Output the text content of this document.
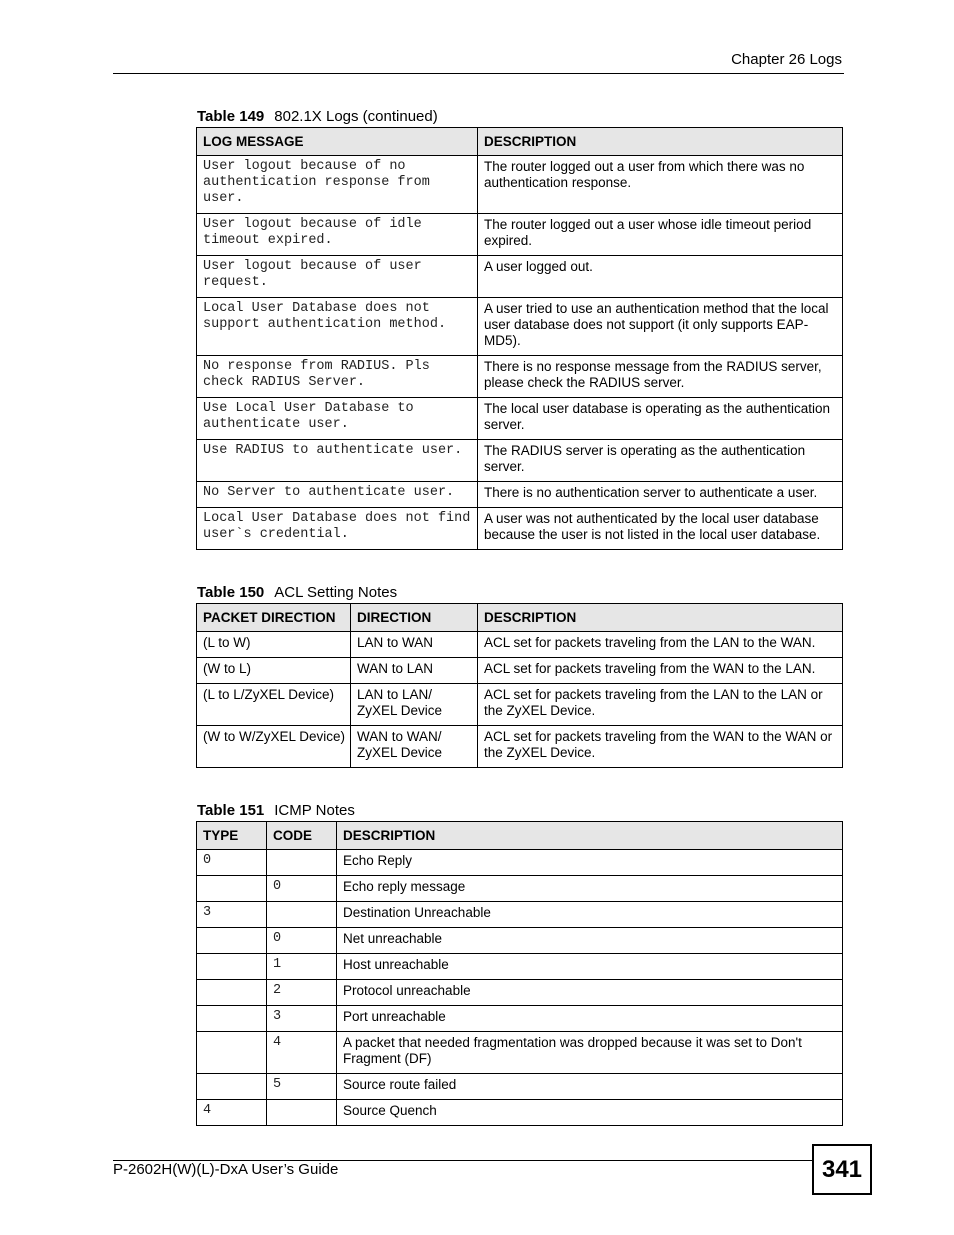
Chapter 26 Logs
Table 149 802.1X Logs (continued)
LOG MESSAGE	DESCRIPTION
User logout because of no authentication response from user.	The router logged out a user from which there was no authentication response.
User logout because of idle timeout expired.	The router logged out a user whose idle timeout period expired.
User logout because of user request.	A user logged out.
Local User Database does not support authentication method.	A user tried to use an authentication method that the local user database does not support (it only supports EAP-MD5).
No response from RADIUS. Pls check RADIUS Server.	There is no response message from the RADIUS server, please check the RADIUS server.
Use Local User Database to authenticate user.	The local user database is operating as the authentication server.
Use RADIUS to authenticate user.	The RADIUS server is operating as the authentication server.
No Server to authenticate user.	There is no authentication server to authenticate a user.
Local User Database does not find user`s credential.	A user was not authenticated by the local user database because the user is not listed in the local user database.
Table 150 ACL Setting Notes
PACKET DIRECTION	DIRECTION	DESCRIPTION
(L to W)	LAN to WAN	ACL set for packets traveling from the LAN to the WAN.
(W to L)	WAN to LAN	ACL set for packets traveling from the WAN to the LAN.
(L to L/ZyXEL Device)	LAN to LAN/ ZyXEL Device	ACL set for packets traveling from the LAN to the LAN or the ZyXEL Device.
(W to W/ZyXEL Device)	WAN to WAN/ ZyXEL Device	ACL set for packets traveling from the WAN to the WAN or the ZyXEL Device.
Table 151 ICMP Notes
TYPE	CODE	DESCRIPTION
0		Echo Reply
	0	Echo reply message
3		Destination Unreachable
	0	Net unreachable
	1	Host unreachable
	2	Protocol unreachable
	3	Port unreachable
	4	A packet that needed fragmentation was dropped because it was set to Don't Fragment (DF)
	5	Source route failed
4		Source Quench
P-2602H(W)(L)-DxA User’s Guide	341
